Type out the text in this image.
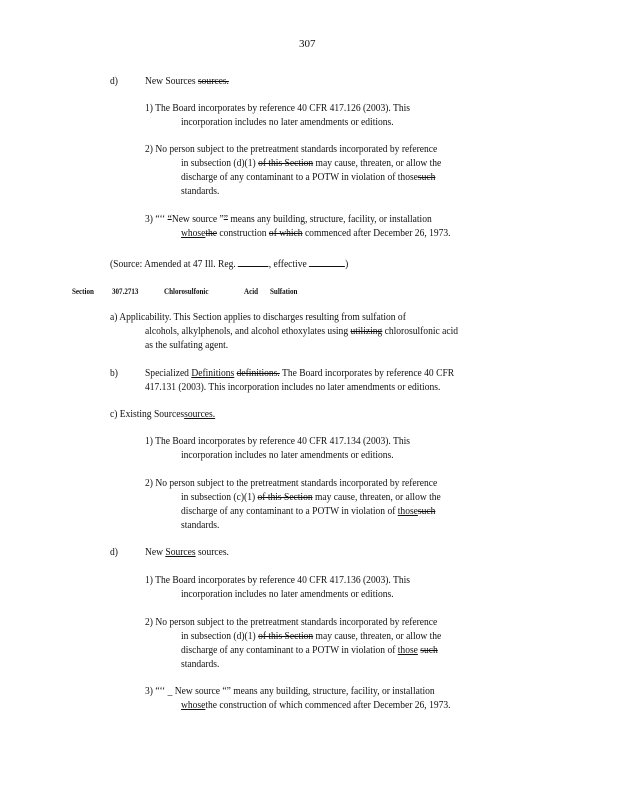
307
d)	New Sources sources.
1) The Board incorporates by reference 40 CFR 417.126 (2003). This
incorporation includes no later amendments or editions.
2) No person subject to the pretreatment standards incorporated by reference
in subsection (d)(1) of this Section may cause, threaten, or allow the
discharge of any contaminant to a POTW in violation of thosesuch
standards.
3) “‘‘ “New source ”” means any building, structure, facility, or installation
whosethe construction of which commenced after December 26, 1973.
(Source: Amended at 47 Ill. Reg.	, effective	)
Section 307.2713	Chlorosulfonic	Acid Sulfation
a) Applicability. This Section applies to discharges resulting from sulfation of
alcohols, alkylphenols, and alcohol ethoxylates using utilizing chlorosulfonic acid
as the sulfating agent.
b)	Specialized Definitions definitions. The Board incorporates by reference 40 CFR
417.131 (2003). This incorporation includes no later amendments or editions.
c) Existing Sourcessources.
1) The Board incorporates by reference 40 CFR 417.134 (2003). This
incorporation includes no later amendments or editions.
2) No person subject to the pretreatment standards incorporated by reference
in subsection (c)(1) of this Section may cause, threaten, or allow the
discharge of any contaminant to a POTW in violation of thosesuch
standards.
d)	New Sources sources.
1) The Board incorporates by reference 40 CFR 417.136 (2003). This
incorporation includes no later amendments or editions.
2) No person subject to the pretreatment standards incorporated by reference
in subsection (d)(1) of this Section may cause, threaten, or allow the
discharge of any contaminant to a POTW in violation of those such
standards.
3) “‘‘ _ New source “” means any building, structure, facility, or installation
whosethe construction of which commenced after December 26, 1973.
